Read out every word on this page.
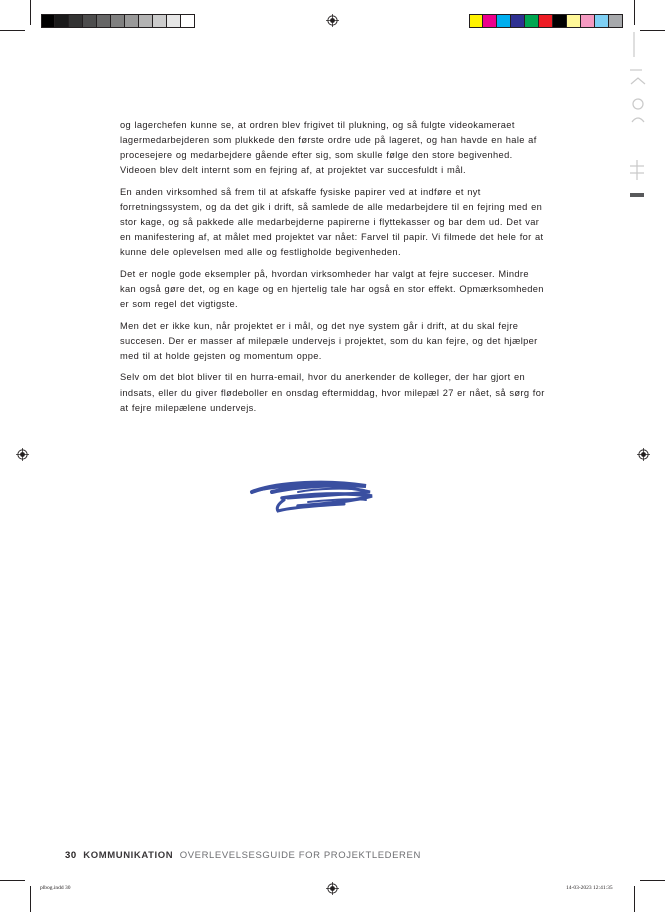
og lagerchefen kunne se, at ordren blev frigivet til plukning, og så fulgte videokameraet lagermedarbejderen som plukkede den første ordre ude på lageret, og han havde en hale af procesejere og medarbejdere gående efter sig, som skulle følge den store begivenhed. Videoen blev delt internt som en fejring af, at projektet var succesfuldt i mål.

En anden virksomhed så frem til at afskaffe fysiske papirer ved at indføre et nyt forretningssystem, og da det gik i drift, så samlede de alle medarbejdere til en fejring med en stor kage, og så pakkede alle medarbejderne papirerne i flyttekasser og bar dem ud. Det var en manifestering af, at målet med projektet var nået: Farvel til papir. Vi filmede det hele for at kunne dele oplevelsen med alle og festligholde begivenheden.

Det er nogle gode eksempler på, hvordan virksomheder har valgt at fejre succeser. Mindre kan også gøre det, og en kage og en hjertelig tale har også en stor effekt. Opmærksomheden er som regel det vigtigste.

Men det er ikke kun, når projektet er i mål, og det nye system går i drift, at du skal fejre succesen. Der er masser af milepæle undervejs i projektet, som du kan fejre, og det hjælper med til at holde gejsten og momentum oppe.

Selv om det blot bliver til en hurra-email, hvor du anerkender de kolleger, der har gjort en indsats, eller du giver flødeboller en onsdag eftermiddag, hvor milepæl 27 er nået, så sørg for at fejre milepælene undervejs.

30 KOMMUNIKATION OVERLEVELSESGUIDE FOR PROJEKTLEDEREN
plbog.indd 30	14-03-2023 12:41:35
